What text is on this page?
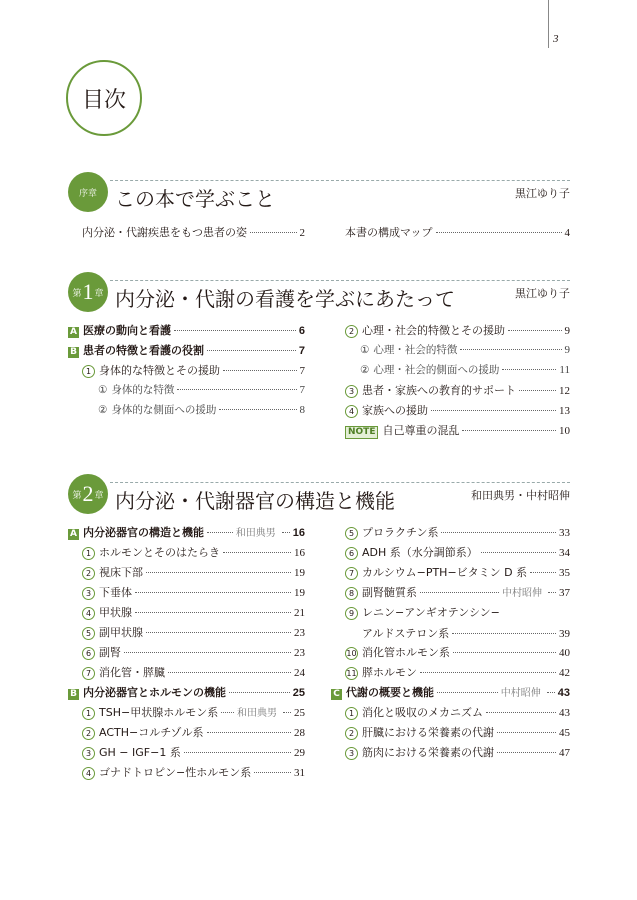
3
目次
序章 この本で学ぶこと	黒江ゆり子
内分泌・代謝疾患をもつ患者の姿	2	本書の構成マップ	4
第 1 章 内分泌・代謝の看護を学ぶにあたって	黒江ゆり子
A 医療の動向と看護	6
B 患者の特徴と看護の役割	7
1 身体的な特徴とその援助	7
① 身体的な特徴	7
② 身体的な側面への援助	8
2 心理・社会的特徴とその援助	9
① 心理・社会的特徴	9
② 心理・社会的側面への援助	11
3 患者・家族への教育的サポート	12
4 家族への援助	13
NOTE 自己尊重の混乱	10
第 2 章 内分泌・代謝器官の構造と機能	和田典男・中村昭伸
A 内分泌器官の構造と機能	和田典男 16
1 ホルモンとそのはたらき	16
2 視床下部	19
3 下垂体	19
4 甲状腺	21
5 副甲状腺	23
6 副腎	23
7 消化管・膵臓	24
B 内分泌器官とホルモンの機能	25
1 TSH−甲状腺ホルモン系 和田典男 25
2 ACTH−コルチゾル系	28
3 GH − IGF−1 系	29
4 ゴナドトロピン−性ホルモン系	31
5 プロラクチン系	33
6 ADH 系（水分調節系）	34
7 カルシウム−PTH−ビタミン D 系	35
8 副腎髄質系	中村昭伸 37
9 レニン−アンギオテンシン−
アルドステロン系	39
10 消化管ホルモン系	40
11 膵ホルモン	42
C 代謝の概要と機能	中村昭伸 43
1 消化と吸収のメカニズム	43
2 肝臓における栄養素の代謝	45
3 筋肉における栄養素の代謝	47
